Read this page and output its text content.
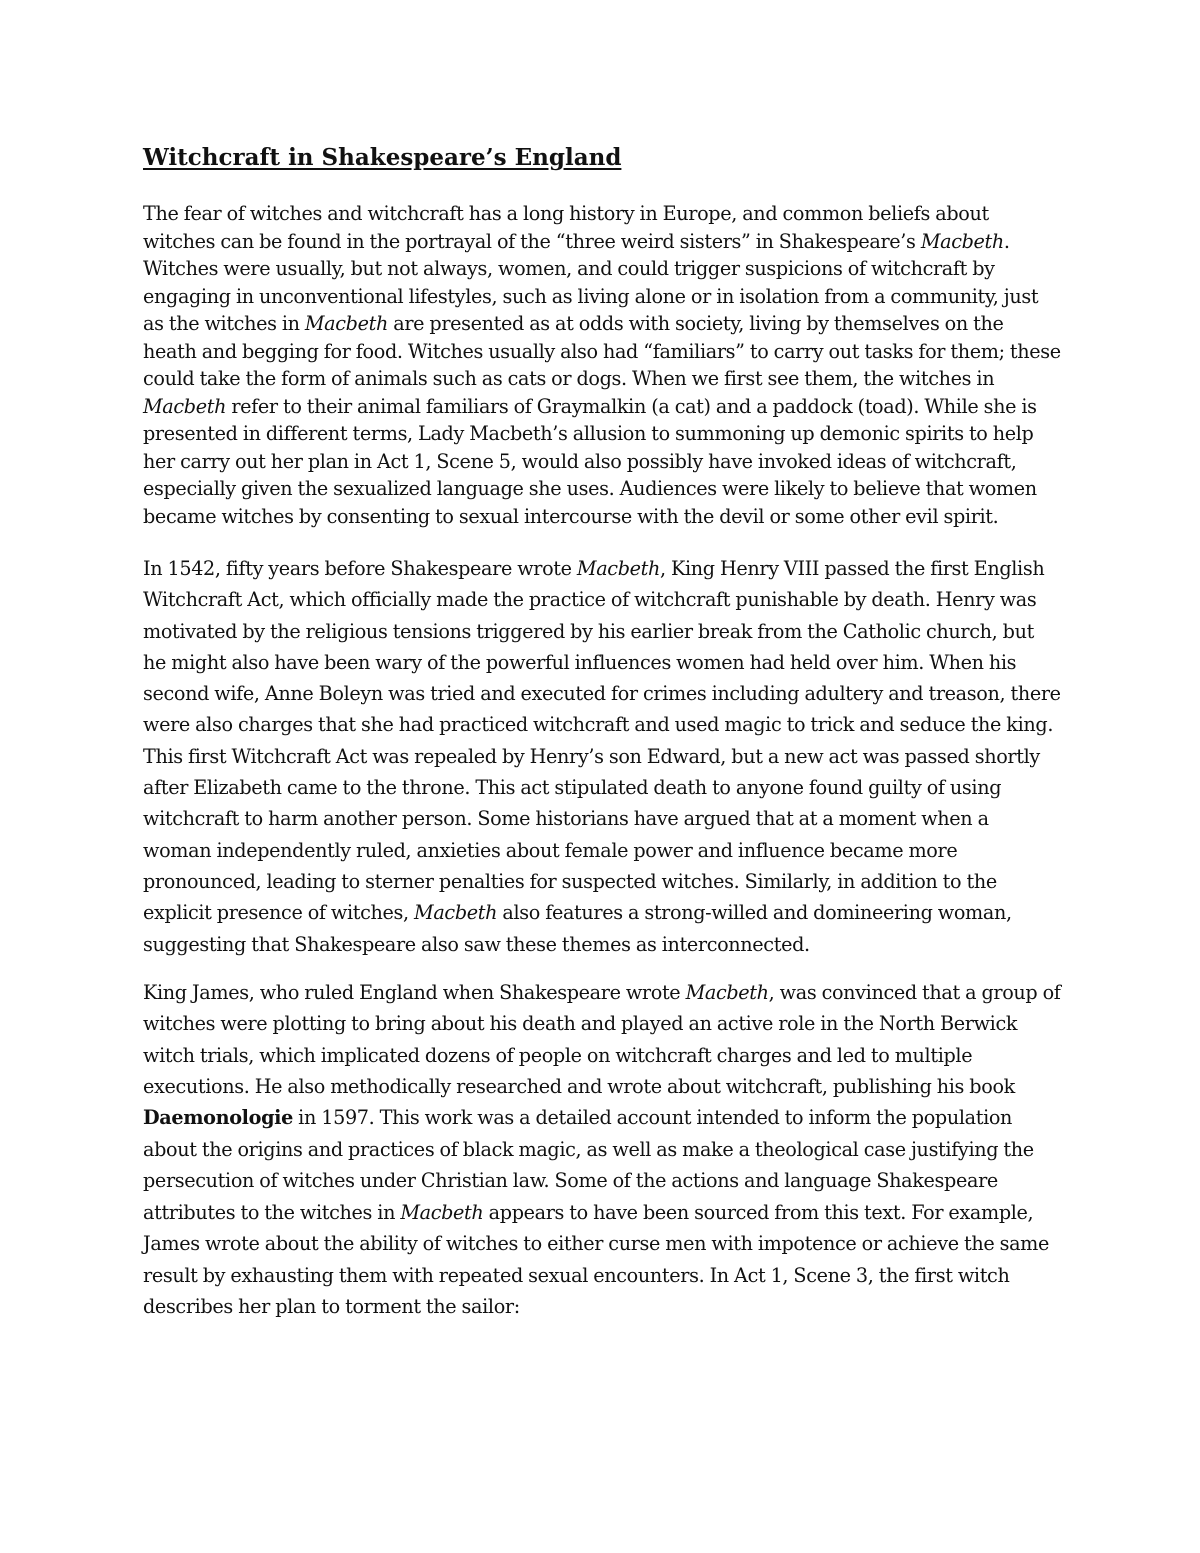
Witchcraft in Shakespeare’s England

The fear of witches and witchcraft has a long history in Europe, and common beliefs about witches can be found in the portrayal of the “three weird sisters” in Shakespeare’s Macbeth. Witches were usually, but not always, women, and could trigger suspicions of witchcraft by engaging in unconventional lifestyles, such as living alone or in isolation from a community, just as the witches in Macbeth are presented as at odds with society, living by themselves on the heath and begging for food. Witches usually also had “familiars” to carry out tasks for them; these could take the form of animals such as cats or dogs. When we first see them, the witches in Macbeth refer to their animal familiars of Graymalkin (a cat) and a paddock (toad). While she is presented in different terms, Lady Macbeth’s allusion to summoning up demonic spirits to help her carry out her plan in Act 1, Scene 5, would also possibly have invoked ideas of witchcraft, especially given the sexualized language she uses. Audiences were likely to believe that women became witches by consenting to sexual intercourse with the devil or some other evil spirit.

In 1542, fifty years before Shakespeare wrote Macbeth, King Henry VIII passed the first English Witchcraft Act, which officially made the practice of witchcraft punishable by death. Henry was motivated by the religious tensions triggered by his earlier break from the Catholic church, but he might also have been wary of the powerful influences women had held over him. When his second wife, Anne Boleyn was tried and executed for crimes including adultery and treason, there were also charges that she had practiced witchcraft and used magic to trick and seduce the king. This first Witchcraft Act was repealed by Henry’s son Edward, but a new act was passed shortly after Elizabeth came to the throne. This act stipulated death to anyone found guilty of using witchcraft to harm another person. Some historians have argued that at a moment when a woman independently ruled, anxieties about female power and influence became more pronounced, leading to sterner penalties for suspected witches. Similarly, in addition to the explicit presence of witches, Macbeth also features a strong-willed and domineering woman, suggesting that Shakespeare also saw these themes as interconnected.

King James, who ruled England when Shakespeare wrote Macbeth, was convinced that a group of witches were plotting to bring about his death and played an active role in the North Berwick witch trials, which implicated dozens of people on witchcraft charges and led to multiple executions. He also methodically researched and wrote about witchcraft, publishing his book Daemonologie in 1597. This work was a detailed account intended to inform the population about the origins and practices of black magic, as well as make a theological case justifying the persecution of witches under Christian law. Some of the actions and language Shakespeare attributes to the witches in Macbeth appears to have been sourced from this text. For example, James wrote about the ability of witches to either curse men with impotence or achieve the same result by exhausting them with repeated sexual encounters. In Act 1, Scene 3, the first witch describes her plan to torment the sailor:
